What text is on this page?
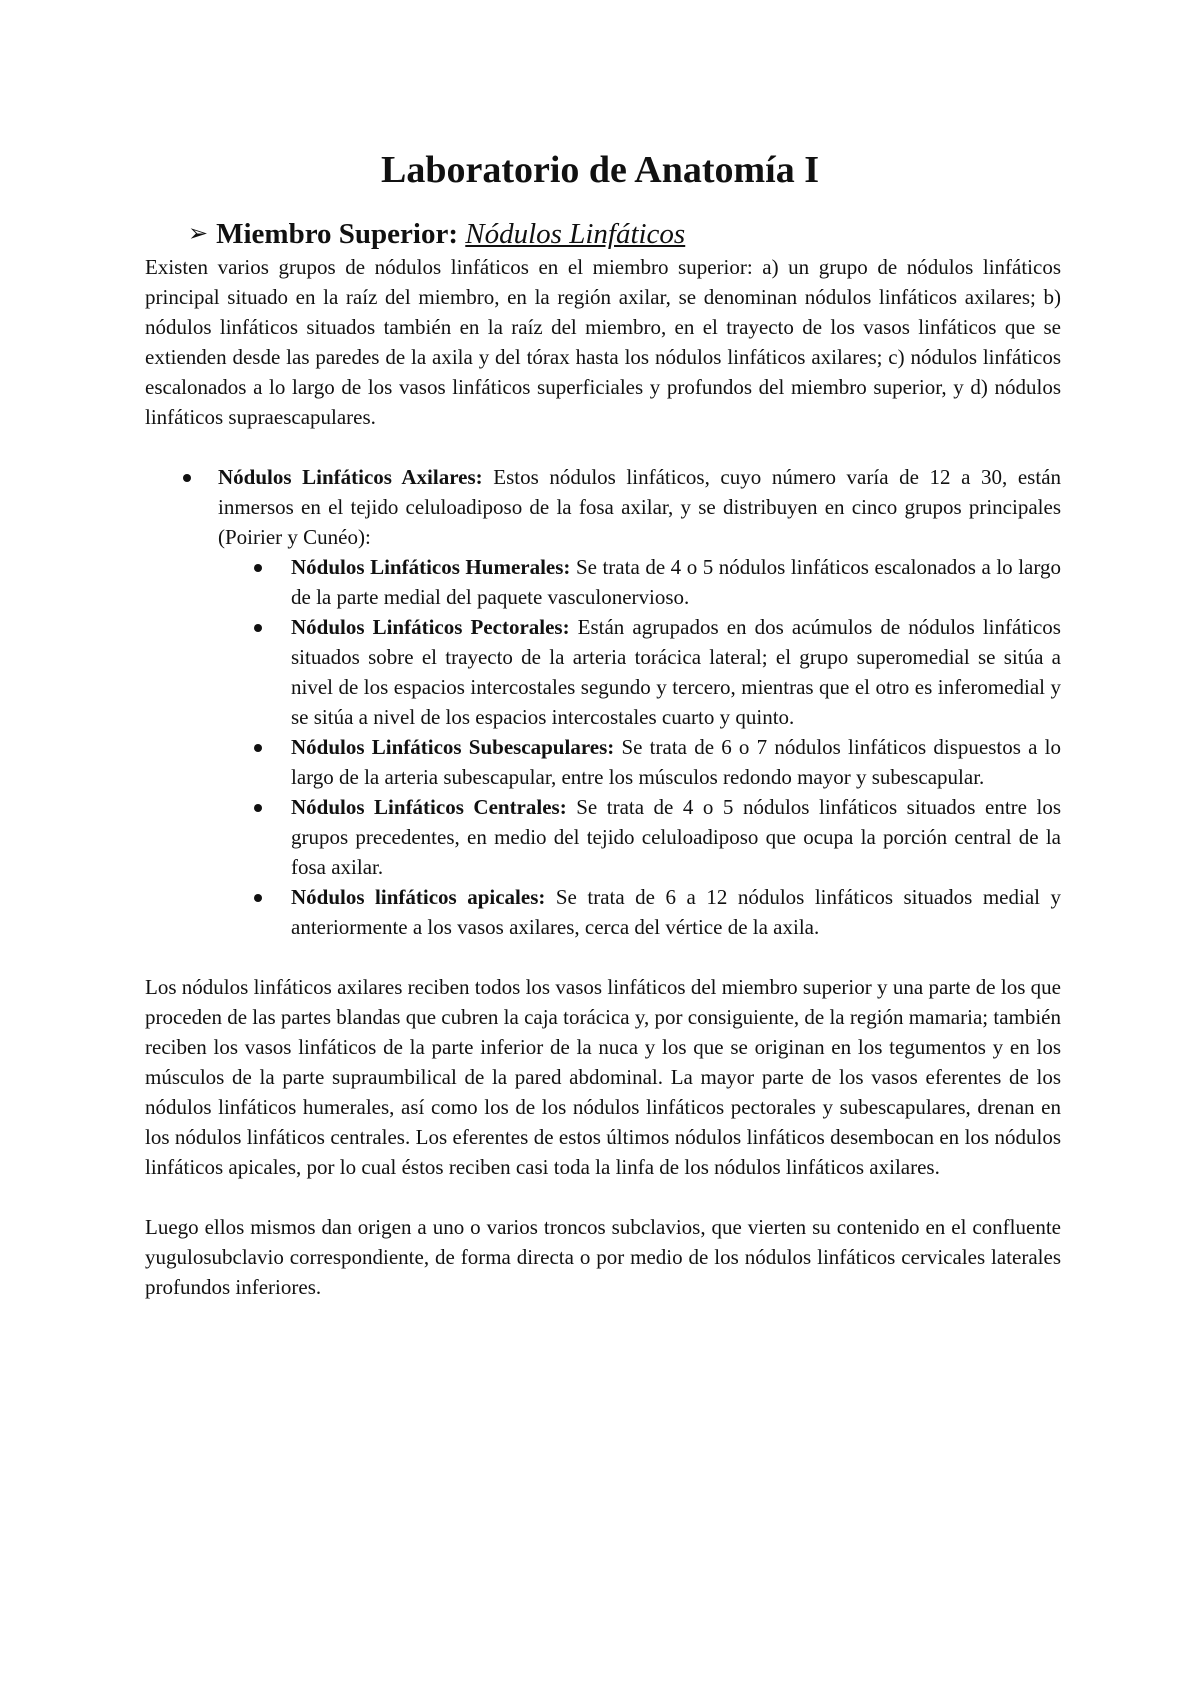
Laboratorio de Anatomía I
➢ Miembro Superior: Nódulos Linfáticos

Existen varios grupos de nódulos linfáticos en el miembro superior: a) un grupo de nódulos linfáticos principal situado en la raíz del miembro, en la región axilar, se denominan nódulos linfáticos axilares; b) nódulos linfáticos situados también en la raíz del miembro, en el trayecto de los vasos linfáticos que se extienden desde las paredes de la axila y del tórax hasta los nódulos linfáticos axilares; c) nódulos linfáticos escalonados a lo largo de los vasos linfáticos superficiales y profundos del miembro superior, y d) nódulos linfáticos supraescapulares.

Nódulos Linfáticos Axilares: Estos nódulos linfáticos, cuyo número varía de 12 a 30, están inmersos en el tejido celuloadiposo de la fosa axilar, y se distribuyen en cinco grupos principales (Poirier y Cunéo):
Nódulos Linfáticos Humerales: Se trata de 4 o 5 nódulos linfáticos escalonados a lo largo de la parte medial del paquete vasculonervioso.
Nódulos Linfáticos Pectorales: Están agrupados en dos acúmulos de nódulos linfáticos situados sobre el trayecto de la arteria torácica lateral; el grupo superomedial se sitúa a nivel de los espacios intercostales segundo y tercero, mientras que el otro es inferomedial y se sitúa a nivel de los espacios intercostales cuarto y quinto.
Nódulos Linfáticos Subescapulares: Se trata de 6 o 7 nódulos linfáticos dispuestos a lo largo de la arteria subescapular, entre los músculos redondo mayor y subescapular.
Nódulos Linfáticos Centrales: Se trata de 4 o 5 nódulos linfáticos situados entre los grupos precedentes, en medio del tejido celuloadiposo que ocupa la porción central de la fosa axilar.
Nódulos linfáticos apicales: Se trata de 6 a 12 nódulos linfáticos situados medial y anteriormente a los vasos axilares, cerca del vértice de la axila.

Los nódulos linfáticos axilares reciben todos los vasos linfáticos del miembro superior y una parte de los que proceden de las partes blandas que cubren la caja torácica y, por consiguiente, de la región mamaria; también reciben los vasos linfáticos de la parte inferior de la nuca y los que se originan en los tegumentos y en los músculos de la parte supraumbilical de la pared abdominal. La mayor parte de los vasos eferentes de los nódulos linfáticos humerales, así como los de los nódulos linfáticos pectorales y subescapulares, drenan en los nódulos linfáticos centrales. Los eferentes de estos últimos nódulos linfáticos desembocan en los nódulos linfáticos apicales, por lo cual éstos reciben casi toda la linfa de los nódulos linfáticos axilares.

Luego ellos mismos dan origen a uno o varios troncos subclavios, que vierten su contenido en el confluente yugulosubclavio correspondiente, de forma directa o por medio de los nódulos linfáticos cervicales laterales profundos inferiores.
